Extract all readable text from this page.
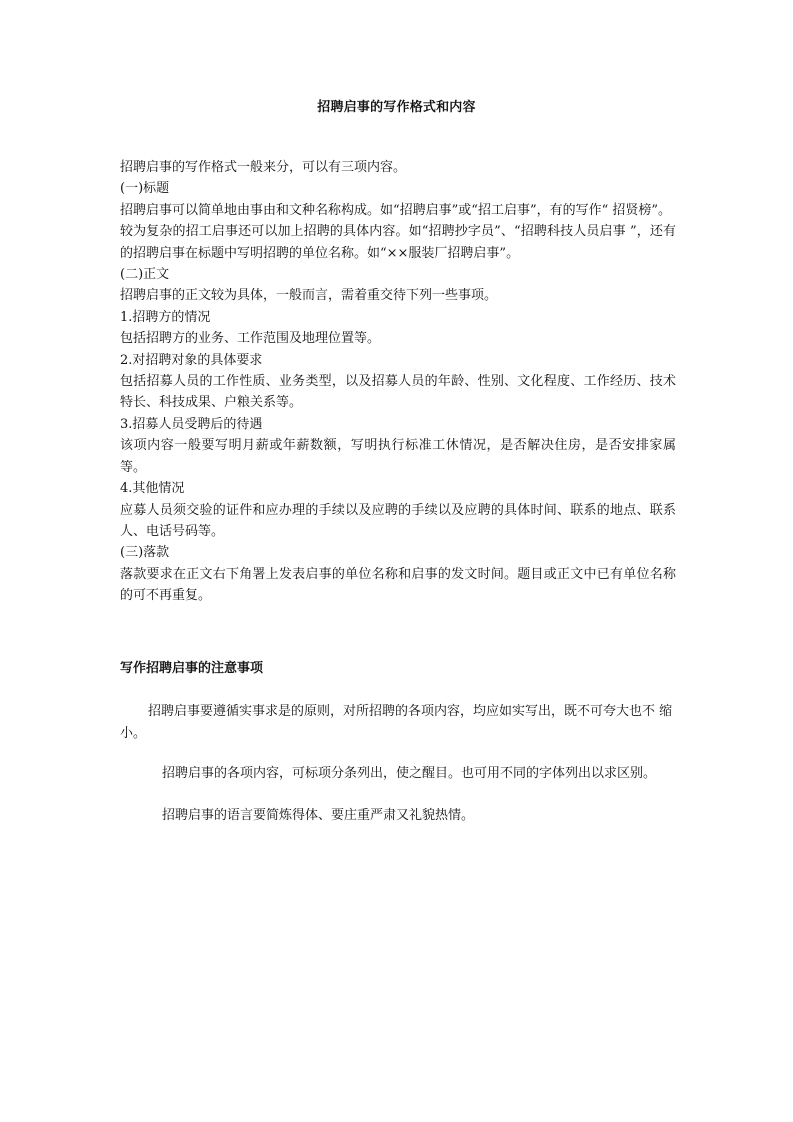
招聘启事的写作格式和内容

招聘启事的写作格式一般来分，可以有三项内容。

(一)标题

招聘启事可以简单地由事由和文种名称构成。如“招聘启事”或“招工启事”，有的写作“ 招贤榜”。

较为复杂的招工启事还可以加上招聘的具体内容。如“招聘抄字员”、“招聘科技人员启事 ”，还有的招聘启事在标题中写明招聘的单位名称。如“××服装厂招聘启事”。

(二)正文

招聘启事的正文较为具体，一般而言，需着重交待下列一些事项。

1.招聘方的情况

包括招聘方的业务、工作范围及地理位置等。

2.对招聘对象的具体要求

包括招募人员的工作性质、业务类型，以及招募人员的年龄、性别、文化程度、工作经历、技术特长、科技成果、户粮关系等。

3.招募人员受聘后的待遇

该项内容一般要写明月薪或年薪数额，写明执行标准工休情况，是否解决住房，是否安排家属 等。

4.其他情况

应募人员须交验的证件和应办理的手续以及应聘的手续以及应聘的具体时间、联系的地点、联系人、电话号码等。

(三)落款

落款要求在正文右下角署上发表启事的单位名称和启事的发文时间。题目或正文中已有单位名称的可不再重复。

写作招聘启事的注意事项
招聘启事要遵循实事求是的原则，对所招聘的各项内容，均应如实写出，既不可夸大也不 缩小。
招聘启事的各项内容，可标项分条列出，使之醒目。也可用不同的字体列出以求区别。
招聘启事的语言要简炼得体、要庄重严肃又礼貌热情。
